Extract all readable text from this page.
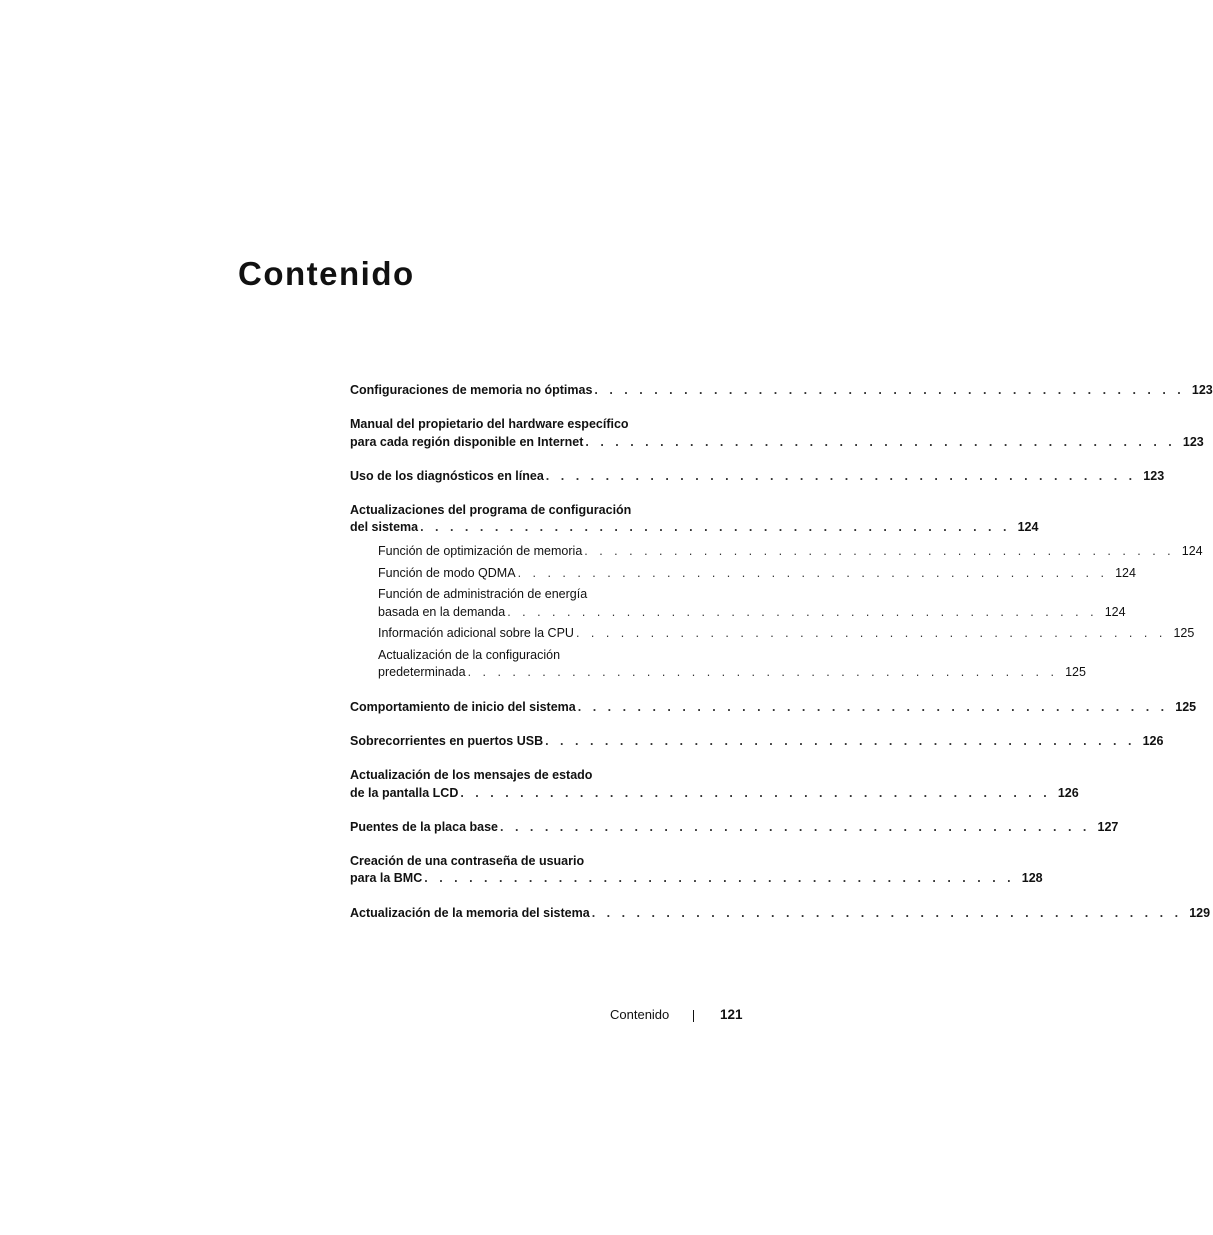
Contenido
Configuraciones de memoria no óptimas . . . . . . . . . . . . . . . . . . . . . . . . . . . . . . . . . . . . . . . . 123
Manual del propietario del hardware específico
para cada región disponible en Internet . . . . . . . . . . . . . . . . . . . . . . . . . . . . . . . . . . . . . . . . 123
Uso de los diagnósticos en línea . . . . . . . . . . . . . . . . . . . . . . . . . . . . . . . . . . . . . . . . 123
Actualizaciones del programa de configuración
del sistema . . . . . . . . . . . . . . . . . . . . . . . . . . . . . . . . . . . . . . . . 124
Función de optimización de memoria . . . . . . . . . . . . . . . . . . . . . . . . . . . . . . . . . . . . . . . . 124
Función de modo QDMA . . . . . . . . . . . . . . . . . . . . . . . . . . . . . . . . . . . . . . . . 124
Función de administración de energía
basada en la demanda . . . . . . . . . . . . . . . . . . . . . . . . . . . . . . . . . . . . . . . . 124
Información adicional sobre la CPU . . . . . . . . . . . . . . . . . . . . . . . . . . . . . . . . . . . . . . . . 125
Actualización de la configuración
predeterminada . . . . . . . . . . . . . . . . . . . . . . . . . . . . . . . . . . . . . . . . 125
Comportamiento de inicio del sistema . . . . . . . . . . . . . . . . . . . . . . . . . . . . . . . . . . . . . . . . 125
Sobrecorrientes en puertos USB . . . . . . . . . . . . . . . . . . . . . . . . . . . . . . . . . . . . . . . . 126
Actualización de los mensajes de estado
de la pantalla LCD . . . . . . . . . . . . . . . . . . . . . . . . . . . . . . . . . . . . . . . . 126
Puentes de la placa base . . . . . . . . . . . . . . . . . . . . . . . . . . . . . . . . . . . . . . . . 127
Creación de una contraseña de usuario
para la BMC . . . . . . . . . . . . . . . . . . . . . . . . . . . . . . . . . . . . . . . . 128
Actualización de la memoria del sistema . . . . . . . . . . . . . . . . . . . . . . . . . . . . . . . . . . . . . . . . 129
Contenido	121
